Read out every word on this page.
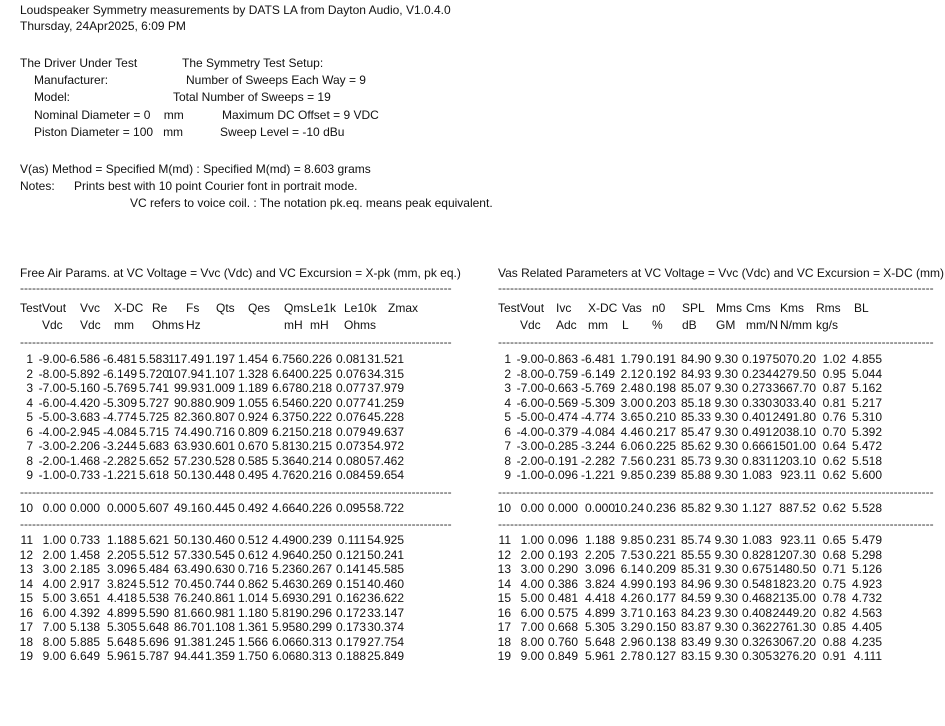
Loudspeaker Symmetry measurements by DATS LA from Dayton Audio, V1.0.4.0
Thursday, 24Apr2025, 6:09 PM
The Driver Under Test
Manufacturer:
Model:
Nominal Diameter = 0    mm
Piston Diameter = 100   mm
The Symmetry Test Setup:
Number of Sweeps Each Way = 9
Total Number of Sweeps = 19
Maximum DC Offset = 9 VDC
Sweep Level = -10 dBu
V(as) Method = Specified M(md) : Specified M(md) = 8.603 grams
Notes: Prints best with 10 point Courier font in portrait mode.
VC refers to voice coil. : The notation pk.eq. means peak equivalent.
Free Air Params. at VC Voltage = Vvc (Vdc) and VC Excursion = X-pk (mm, pk eq.)
------------------------------------------------------------------------------------------------------------
Test Vout Vvc X-DC Re Fs Qts Qes Qms Le1k Le10k Zmax
Vdc Vdc mm Ohms Hz	mH mH Ohms
------------------------------------------------------------------------------------------------------------
1 -9.00 -6.586 -6.481 5.583 117.49 1.197 1.454 6.756 0.226 0.081 31.521
2 -8.00 -5.892 -6.149 5.720
107.94 1.107 1.328 6.640 0.225 0.076 34.315
3 -7.00 -5.160 -5.769 5.741 99.93 1.009 1.189 6.678 0.218 0.077 37.979
4 -6.00 -4.420 -5.309 5.727 90.88 0.909 1.055 6.546 0.220 0.077 41.259
5 -5.00 -3.683 -4.774 5.725 82.36 0.807 0.924 6.375 0.222 0.076 45.228
6 -4.00 -2.945 -4.084 5.715 74.49 0.716 0.809 6.215 0.218 0.079 49.637
7 -3.00 -2.206 -3.244 5.683 63.93 0.601 0.670 5.813 0.215 0.073 54.972
8 -2.00 -1.468 -2.282 5.652 57.23 0.528 0.585 5.364 0.214 0.080 57.462
9 -1.00 -0.733 -1.221 5.618 50.13 0.448 0.495 4.762 0.216 0.084 59.654
------------------------------------------------------------------------------------------------------------
10 0.00 0.000 0.000 5.607 49.16 0.445 0.492 4.664 0.226 0.095 58.722
------------------------------------------------------------------------------------------------------------
11 1.00 0.733 1.188 5.621 50.13 0.460 0.512 4.490 0.239 0.111 54.925
12 2.00 1.458 2.205 5.512 57.33 0.545 0.612 4.964 0.250 0.121 50.241
13 3.00 2.185 3.096 5.484 63.49 0.630 0.716 5.236 0.267 0.141 45.585
14 4.00 2.917 3.824 5.512 70.45 0.744 0.862 5.463 0.269 0.151 40.460
15 5.00 3.651 4.418 5.538 76.24 0.861 1.014 5.693 0.291 0.162 36.622
16 6.00 4.392 4.899 5.590 81.66 0.981 1.180 5.819 0.296 0.172 33.147
17 7.00 5.138 5.305 5.648 86.70 1.108 1.361 5.958 0.299 0.173 30.374
18 8.00 5.885 5.648 5.696 91.38 1.245 1.566 6.066 0.313 0.179 27.754
19 9.00 6.649 5.961 5.787 94.44 1.359 1.750 6.068 0.313 0.188 25.849
Vas Related Parameters at VC Voltage = Vvc (Vdc) and VC Excursion = X-DC (mm)
-------------------------------------------------------------------------------------------------------------
Test Vout Ivc X-DC Vas n0 SPL Mms Cms Kms Rms BL
Vdc Adc mm L % dB GM mm/N N/mm kg/s
-------------------------------------------------------------------------------------------------------------
1 -9.00 -0.863 -6.481 1.79 0.191 84.90 9.30 0.197 5070.20 1.02 4.855
2 -8.00 -0.759 -6.149 2.12 0.192 84.93 9.30 0.234 4279.50 0.95 5.044
3 -7.00 -0.663 -5.769 2.48 0.198 85.07 9.30 0.273 3667.70 0.87 5.162
4 -6.00 -0.569 -5.309 3.00 0.203 85.18 9.30 0.330 3033.40 0.81 5.217
5 -5.00 -0.474 -4.774 3.65 0.210 85.33 9.30 0.401 2491.80 0.76 5.310
6 -4.00 -0.379 -4.084 4.46 0.217 85.47 9.30 0.491 2038.10 0.70 5.392
7 -3.00 -0.285 -3.244 6.06 0.225 85.62 9.30 0.666 1501.00 0.64 5.472
8 -2.00 -0.191 -2.282 7.56 0.231 85.73 9.30 0.831 1203.10 0.62 5.518
9 -1.00 -0.096 -1.221 9.85 0.239 85.88 9.30 1.083 923.11 0.62 5.600
-------------------------------------------------------------------------------------------------------------
10 0.00 0.000 0.000
10.24 0.236 85.82 9.30 1.127 887.52 0.62 5.528
-------------------------------------------------------------------------------------------------------------
11 1.00 0.096 1.188 9.85 0.231 85.74 9.30 1.083 923.11 0.65 5.479
12 2.00 0.193 2.205 7.53 0.221 85.55 9.30 0.828 1207.30 0.68 5.298
13 3.00 0.290 3.096 6.14 0.209 85.31 9.30 0.675 1480.50 0.71 5.126
14 4.00 0.386 3.824 4.99 0.193 84.96 9.30 0.548 1823.20 0.75 4.923
15 5.00 0.481 4.418 4.26 0.177 84.59 9.30 0.468 2135.00 0.78 4.732
16 6.00 0.575 4.899 3.71 0.163 84.23 9.30 0.408 2449.20 0.82 4.563
17 7.00 0.668 5.305 3.29 0.150 83.87 9.30 0.362 2761.30 0.85 4.405
18 8.00 0.760 5.648 2.96 0.138 83.49 9.30 0.326 3067.20 0.88 4.235
19 9.00 0.849 5.961 2.78 0.127 83.15 9.30 0.305 3276.20 0.91 4.111
